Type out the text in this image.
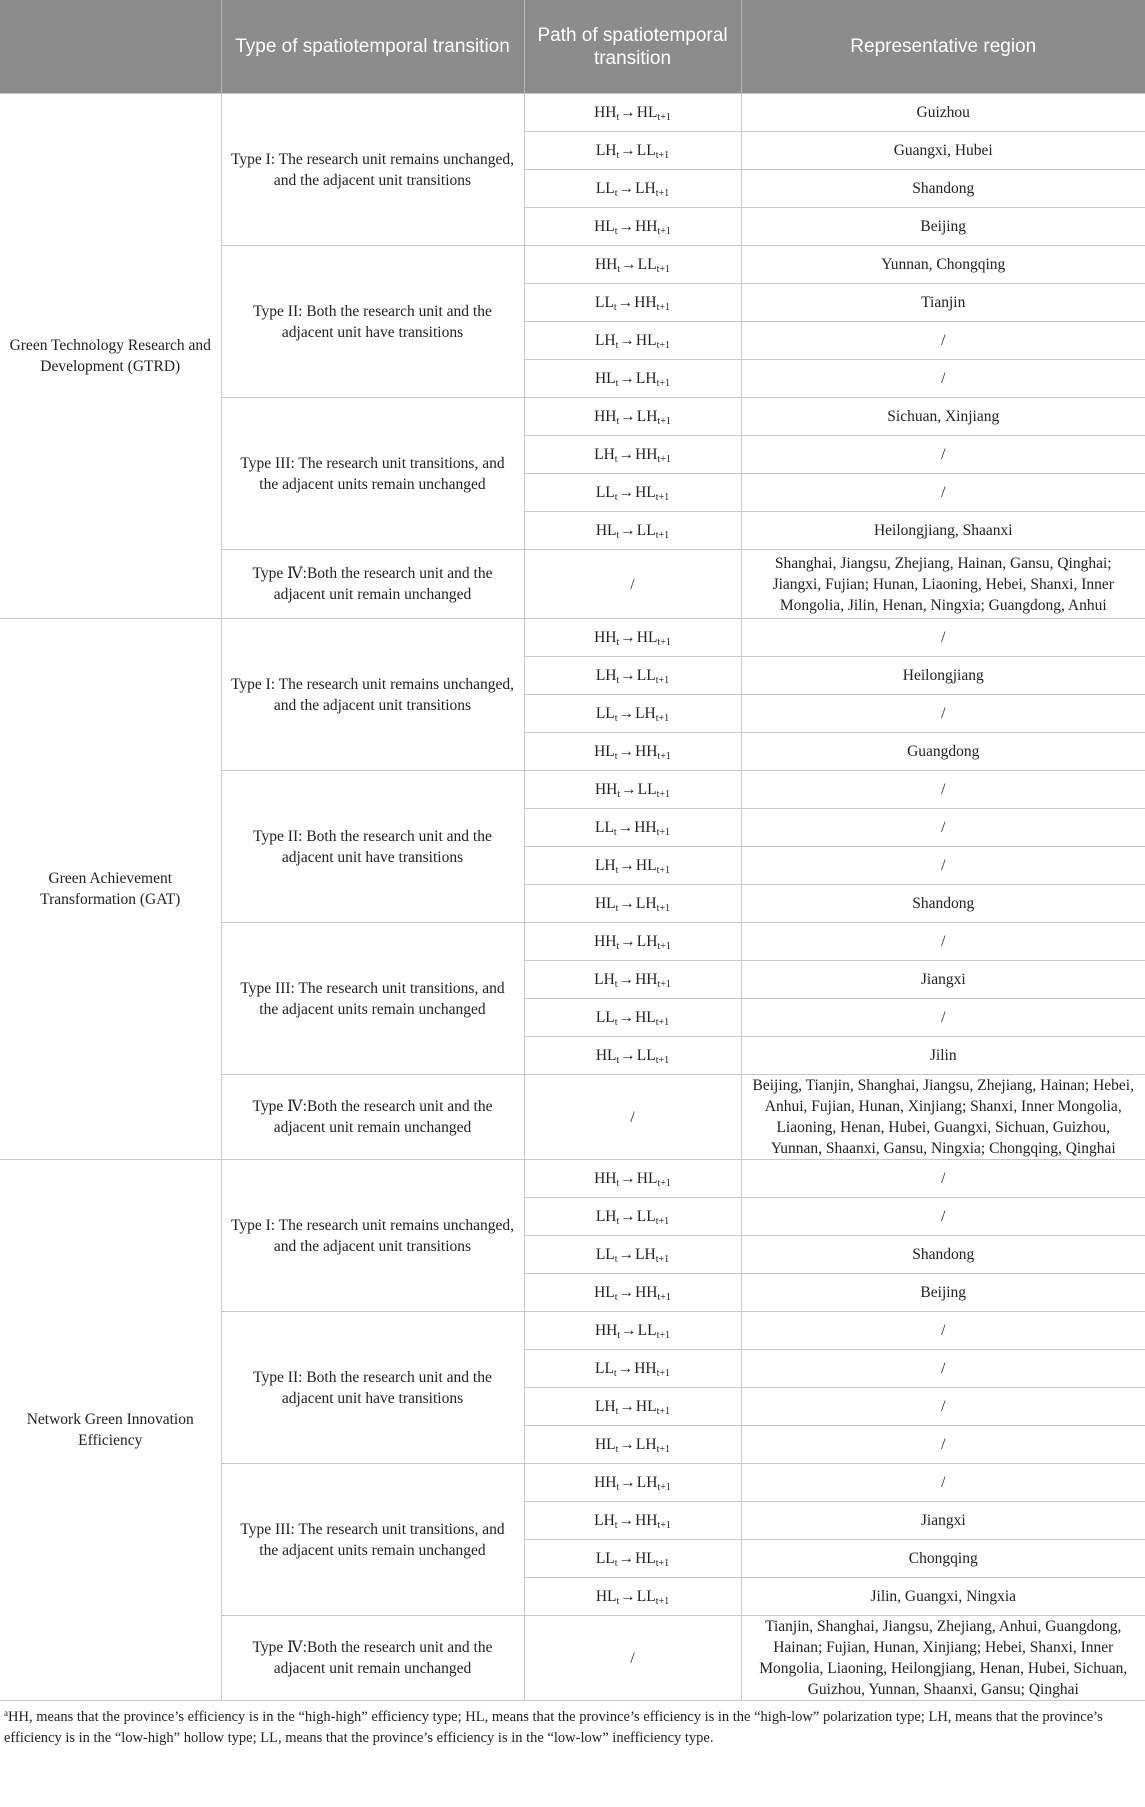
	Type of spatiotemporal transition	Path of spatiotemporal transition	Representative region
Green Technology Research and Development (GTRD)	Type I: The research unit remains unchanged, and the adjacent unit transitions	$HH_t\to HL_{t+1}$	Guizhou
		$LH_t\to LL_{t+1}$	Guangxi, Hubei
		$LL_t\to LH_{t+1}$	Shandong
		$HL_t\to HH_{t+1}$	Beijing
	Type II: Both the research unit and the adjacent unit have transitions	$HH_t\to LL_{t+1}$	Yunnan, Chongqing
		$LL_t\to HH_{t+1}$	Tianjin
		$LH_t\to HL_{t+1}$	/
		$HL_t\to LH_{t+1}$	/
	Type III: The research unit transitions, and the adjacent units remain unchanged	$HH_t\to LH_{t+1}$	Sichuan, Xinjiang
		$LH_t\to HH_{t+1}$	/
		$LL_t\to HL_{t+1}$	/
		$HL_t\to LL_{t+1}$	Heilongjiang, Shaanxi
	Type Ⅳ:Both the research unit and the adjacent unit remain unchanged	/	Shanghai, Jiangsu, Zhejiang, Hainan, Gansu, Qinghai; Jiangxi, Fujian; Hunan, Liaoning, Hebei, Shanxi, Inner Mongolia, Jilin, Henan, Ningxia; Guangdong, Anhui
Green Achievement Transformation (GAT)	Type I: The research unit remains unchanged, and the adjacent unit transitions	$HH_t\to HL_{t+1}$	/
		$LH_t\to LL_{t+1}$	Heilongjiang
		$LL_t\to LH_{t+1}$	/
		$HL_t\to HH_{t+1}$	Guangdong
	Type II: Both the research unit and the adjacent unit have transitions	$HH_t\to LL_{t+1}$	/
		$LL_t\to HH_{t+1}$	/
		$LH_t\to HL_{t+1}$	/
		$HL_t\to LH_{t+1}$	Shandong
	Type III: The research unit transitions, and the adjacent units remain unchanged	$HH_t\to LH_{t+1}$	/
		$LH_t\to HH_{t+1}$	Jiangxi
		$LL_t\to HL_{t+1}$	/
		$HL_t\to LL_{t+1}$	Jilin
	Type Ⅳ:Both the research unit and the adjacent unit remain unchanged	/	Beijing, Tianjin, Shanghai, Jiangsu, Zhejiang, Hainan; Hebei, Anhui, Fujian, Hunan, Xinjiang; Shanxi, Inner Mongolia, Liaoning, Henan, Hubei, Guangxi, Sichuan, Guizhou, Yunnan, Shaanxi, Gansu, Ningxia; Chongqing, Qinghai
Network Green Innovation Efficiency	Type I: The research unit remains unchanged, and the adjacent unit transitions	$HH_t\to HL_{t+1}$	/
		$LH_t\to LL_{t+1}$	/
		$LL_t\to LH_{t+1}$	Shandong
		$HL_t\to HH_{t+1}$	Beijing
	Type II: Both the research unit and the adjacent unit have transitions	$HH_t\to LL_{t+1}$	/
		$LL_t\to HH_{t+1}$	/
		$LH_t\to HL_{t+1}$	/
		$HL_t\to LH_{t+1}$	/
	Type III: The research unit transitions, and the adjacent units remain unchanged	$HH_t\to LH_{t+1}$	/
		$LH_t\to HH_{t+1}$	Jiangxi
		$LL_t\to HL_{t+1}$	Chongqing
		$HL_t\to LL_{t+1}$	Jilin, Guangxi, Ningxia
	Type Ⅳ:Both the research unit and the adjacent unit remain unchanged	/	Tianjin, Shanghai, Jiangsu, Zhejiang, Anhui, Guangdong, Hainan; Fujian, Hunan, Xinjiang; Hebei, Shanxi, Inner Mongolia, Liaoning, Heilongjiang, Henan, Hubei, Sichuan, Guizhou, Yunnan, Shaanxi, Gansu; Qinghai
$^a$HH, means that the province’s efficiency is in the “high-high” efficiency type; HL, means that the province’s efficiency is in the “high-low” polarization type; LH, means that the province’s efficiency is in the “low-high” hollow type; LL, means that the province’s efficiency is in the “low-low” inefficiency type.
